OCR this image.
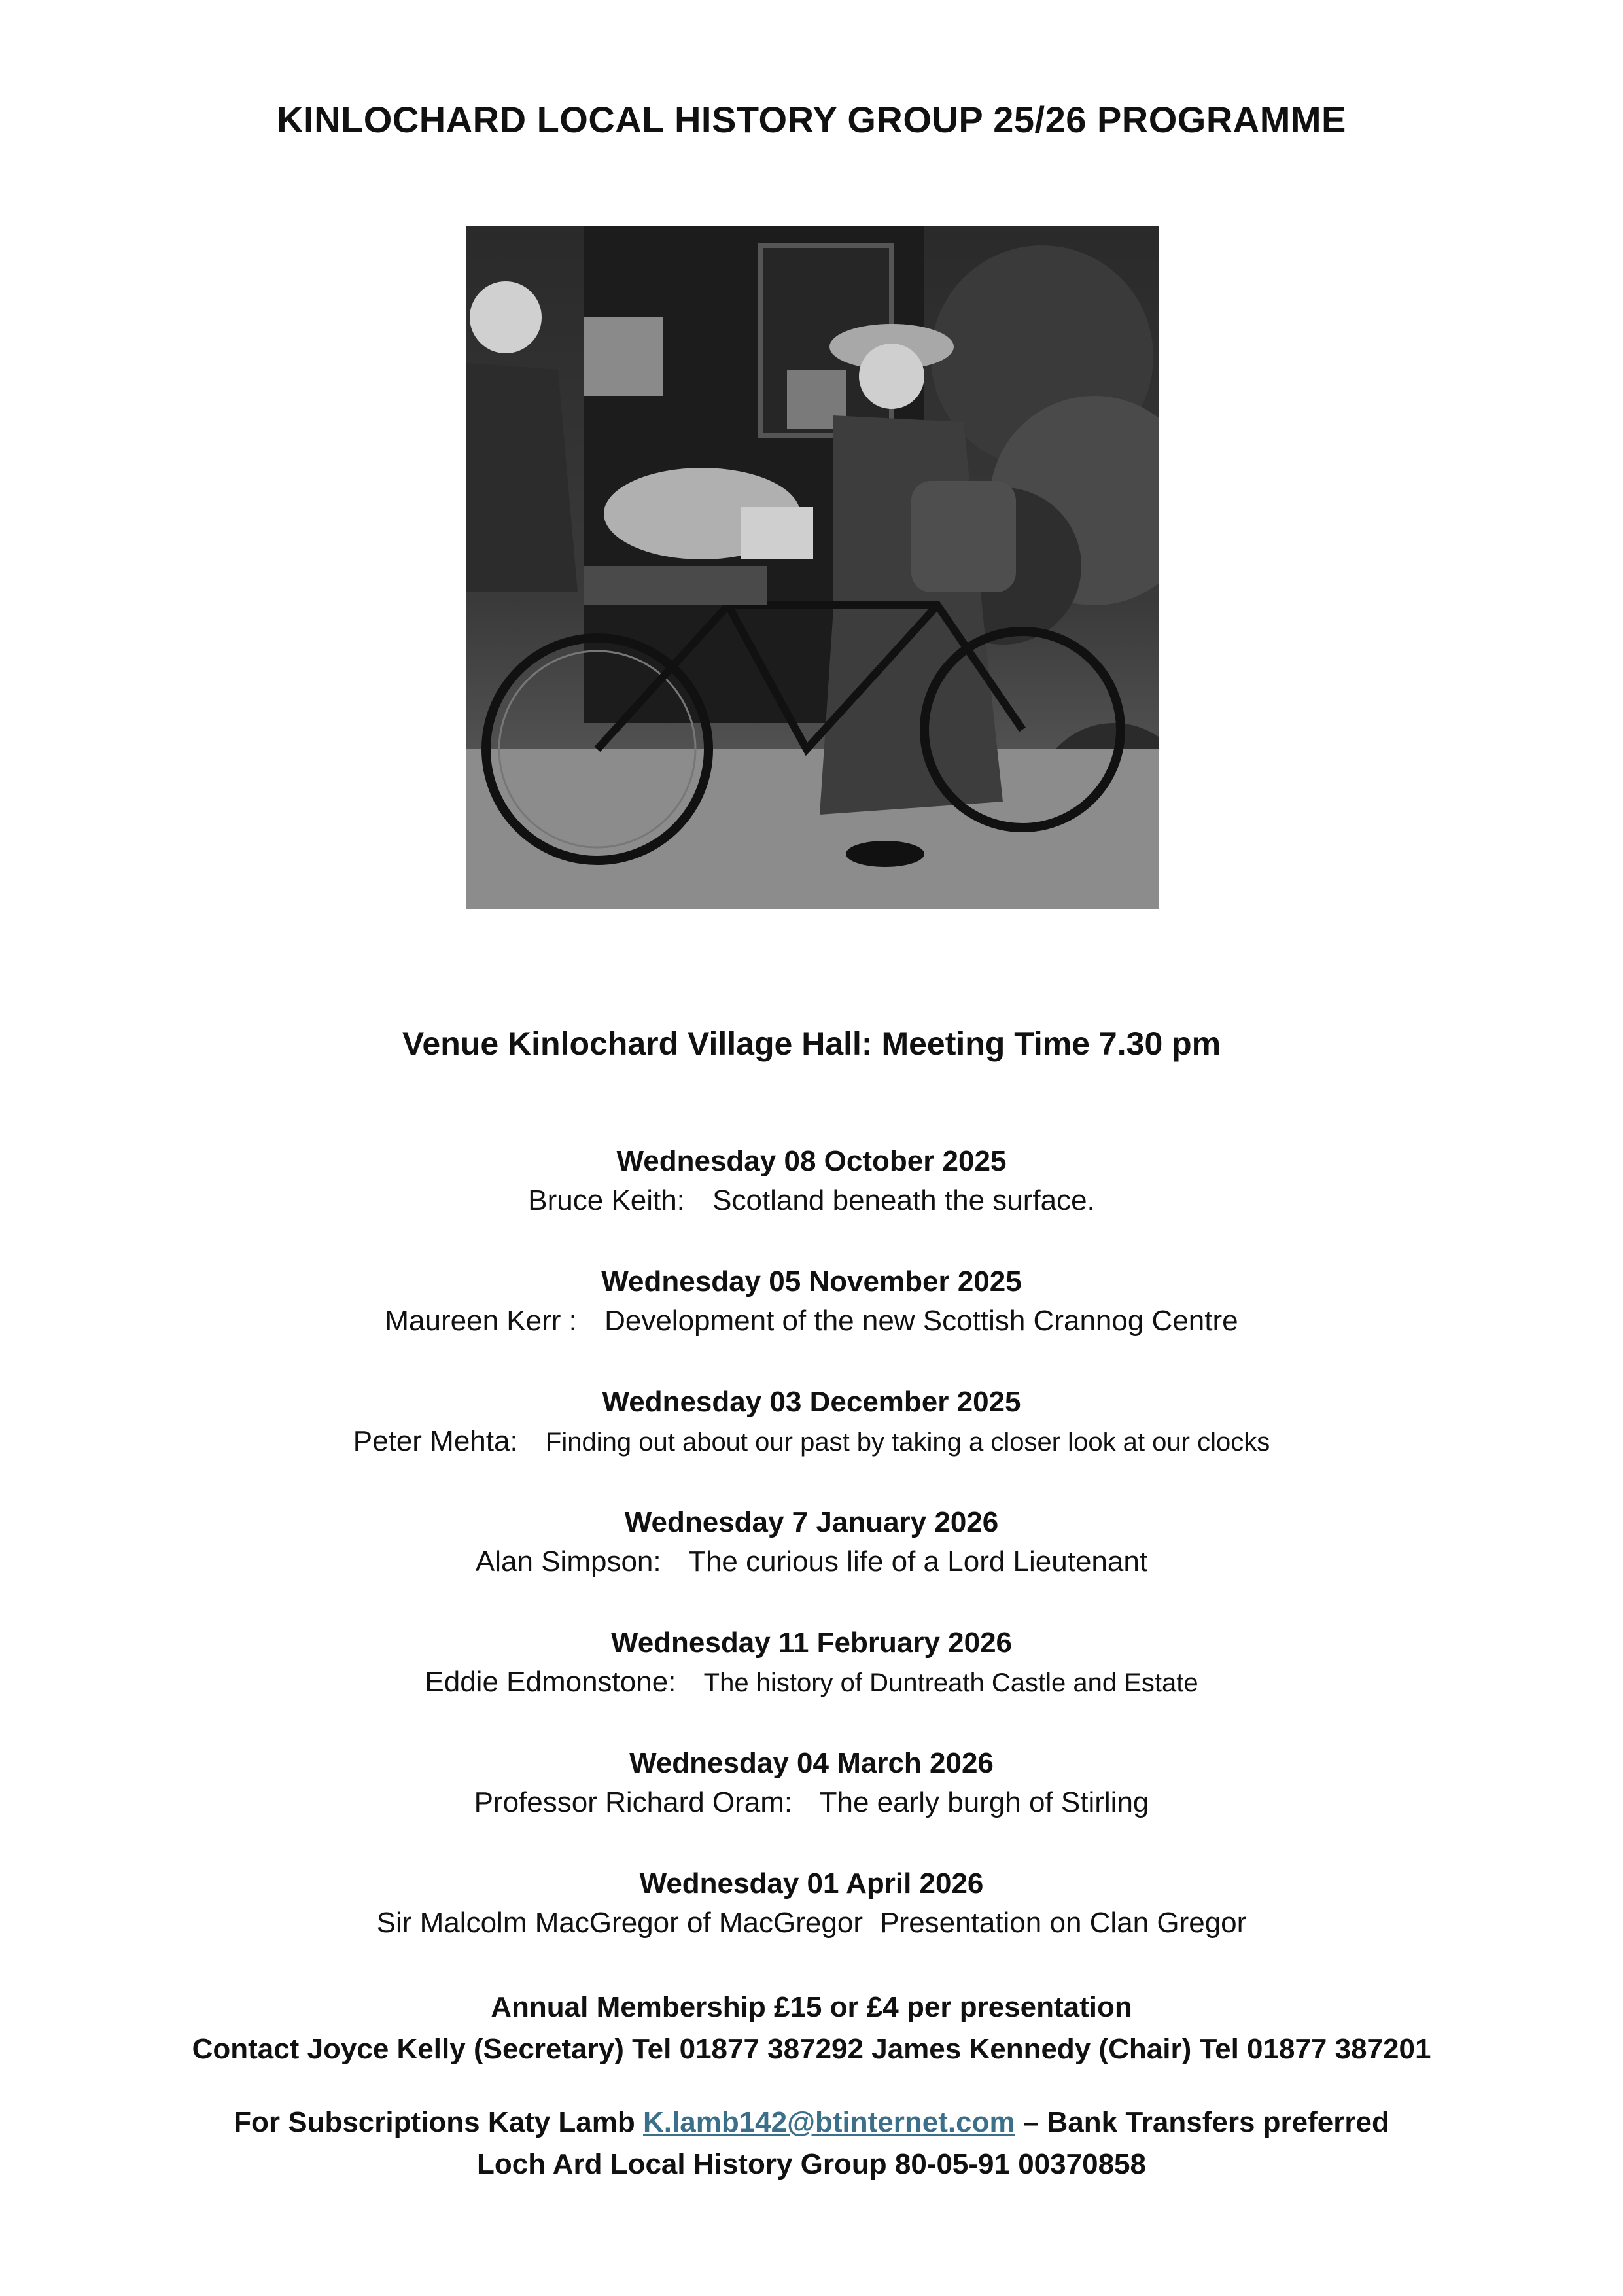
KINLOCHARD LOCAL HISTORY GROUP 25/26 PROGRAMME
Venue Kinlochard Village Hall: Meeting Time 7.30 pm
Wednesday 08 October 2025
Bruce Keith: Scotland beneath the surface.
Wednesday 05 November 2025
Maureen Kerr : Development of the new Scottish Crannog Centre
Wednesday 03 December 2025
Peter Mehta: Finding out about our past by taking a closer look at our clocks
Wednesday 7 January 2026
Alan Simpson: The curious life of a Lord Lieutenant
Wednesday 11 February 2026
Eddie Edmonstone: The history of Duntreath Castle and Estate
Wednesday 04 March 2026
Professor Richard Oram: The early burgh of Stirling
Wednesday 01 April 2026
Sir Malcolm MacGregor of MacGregor Presentation on Clan Gregor
Annual Membership £15 or £4 per presentation
Contact Joyce Kelly (Secretary) Tel 01877 387292 James Kennedy (Chair) Tel 01877 387201
For Subscriptions Katy Lamb K.lamb142@btinternet.com – Bank Transfers preferred
Loch Ard Local History Group 80-05-91 00370858
